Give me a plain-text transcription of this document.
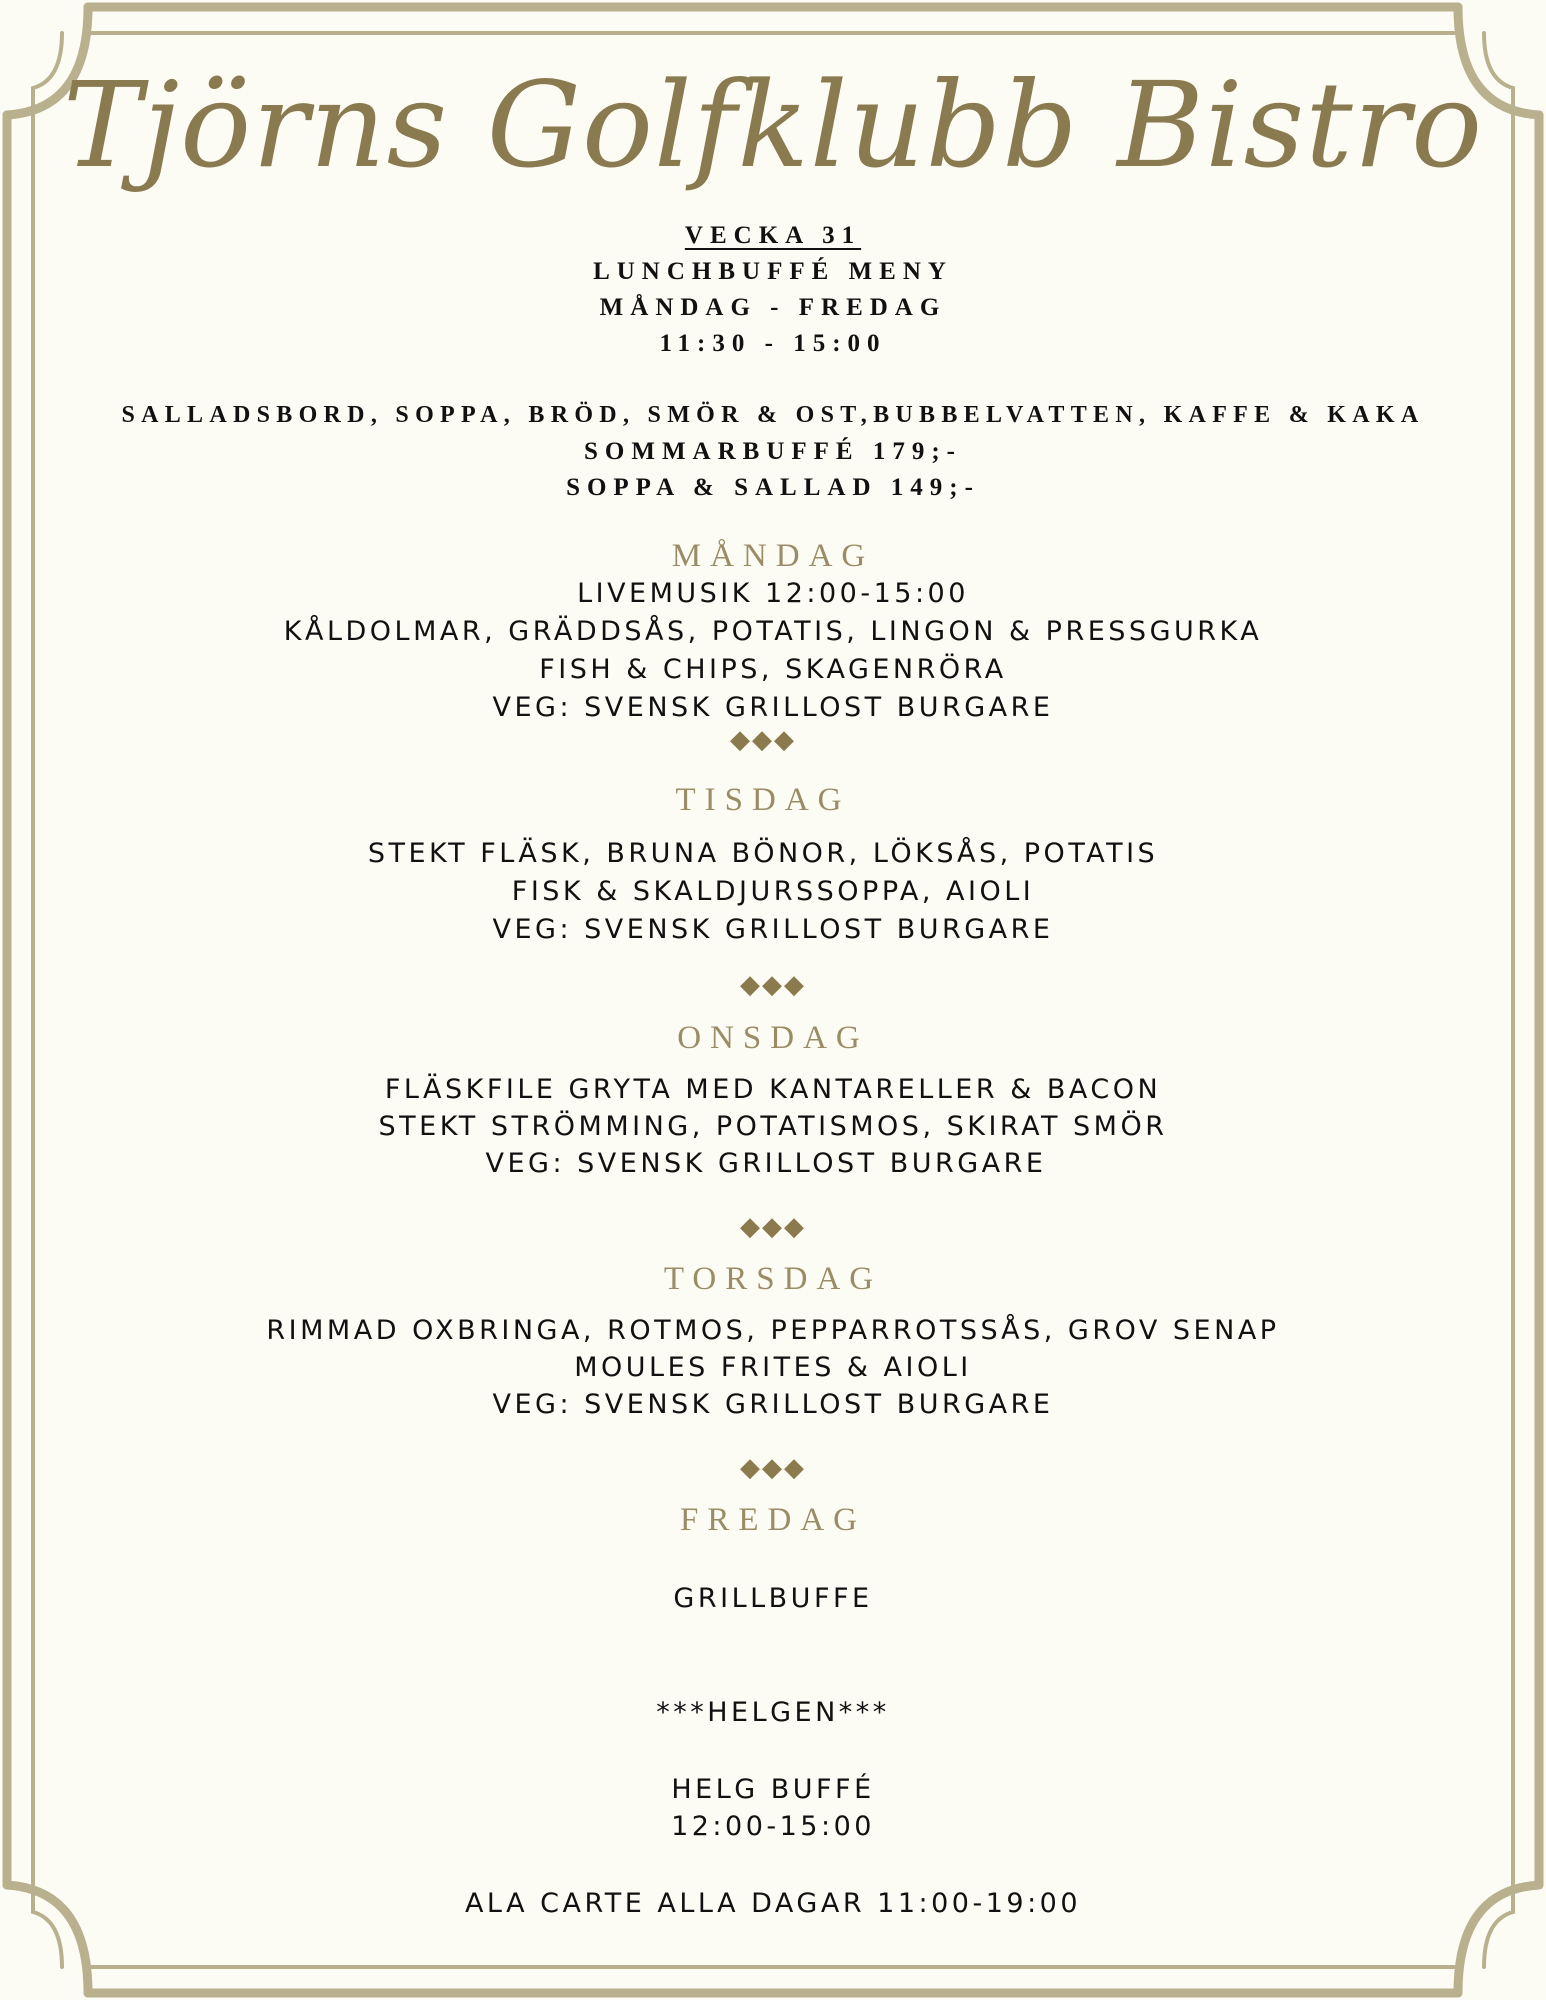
Tjörns Golfklubb Bistro
VECKA 31
LUNCHBUFFÉ MENY
MÅNDAG - FREDAG
11:30 - 15:00
SALLADSBORD, SOPPA, BRÖD, SMÖR & OST,BUBBELVATTEN, KAFFE & KAKA
SOMMARBUFFÉ 179;-
SOPPA & SALLAD 149;-
MÅNDAG
LIVEMUSIK 12:00-15:00
KÅLDOLMAR, GRÄDDSÅS, POTATIS, LINGON & PRESSGURKA
FISH & CHIPS, SKAGENRÖRA
VEG: SVENSK GRILLOST BURGARE
◆◆◆
TISDAG
STEKT FLÄSK, BRUNA BÖNOR, LÖKSÅS, POTATIS
FISK & SKALDJURSSOPPA, AIOLI
VEG: SVENSK GRILLOST BURGARE
◆◆◆
ONSDAG
FLÄSKFILE GRYTA MED KANTARELLER & BACON
STEKT STRÖMMING, POTATISMOS, SKIRAT SMÖR
VEG: SVENSK GRILLOST BURGARE
◆◆◆
TORSDAG
RIMMAD OXBRINGA, ROTMOS, PEPPARROTSSÅS, GROV SENAP
MOULES FRITES & AIOLI
VEG: SVENSK GRILLOST BURGARE
◆◆◆
FREDAG
GRILLBUFFE
***HELGEN***
HELG BUFFÉ
12:00-15:00
ALA CARTE ALLA DAGAR 11:00-19:00
